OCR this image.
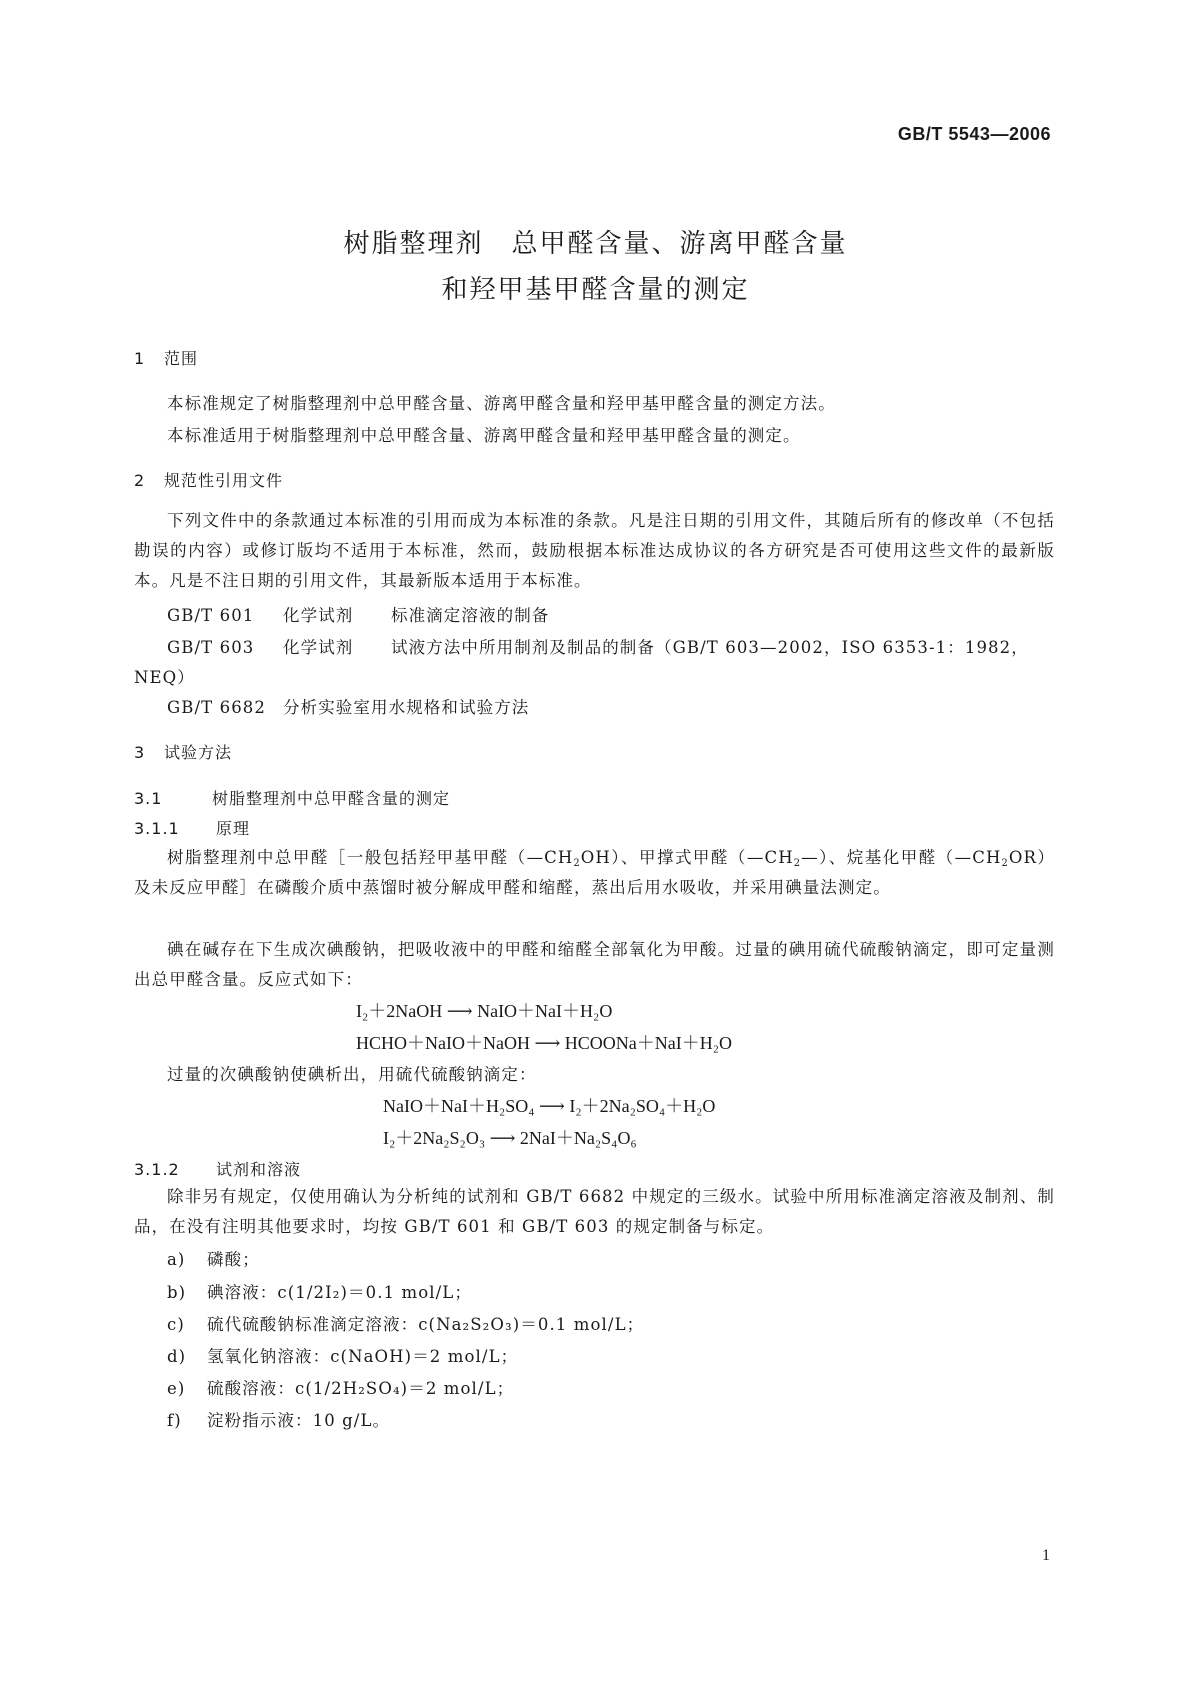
GB/T 5543—2006
树脂整理剂　总甲醛含量、游离甲醛含量
和羟甲基甲醛含量的测定
1 范围
本标准规定了树脂整理剂中总甲醛含量、游离甲醛含量和羟甲基甲醛含量的测定方法。
本标准适用于树脂整理剂中总甲醛含量、游离甲醛含量和羟甲基甲醛含量的测定。
2 规范性引用文件
下列文件中的条款通过本标准的引用而成为本标准的条款。凡是注日期的引用文件，其随后所有的修改单（不包括勘误的内容）或修订版均不适用于本标准，然而，鼓励根据本标准达成协议的各方研究是否可使用这些文件的最新版本。凡是不注日期的引用文件，其最新版本适用于本标准。
GB/T 601 化学试剂 标准滴定溶液的制备
GB/T 603 化学试剂 试液方法中所用制剂及制品的制备（GB/T 603—2002，ISO 6353-1：1982，
NEQ）
GB/T 6682 分析实验室用水规格和试验方法
3 试验方法
3.1	树脂整理剂中总甲醛含量的测定
3.1.1 原理
树脂整理剂中总甲醛［一般包括羟甲基甲醛$(—CH_2OH)$、甲撑式甲醛$(—CH_2—)$、烷基化甲醛$(—CH_2OR)$及未反应甲醛］在磷酸介质中蒸馏时被分解成甲醛和缩醛，蒸出后用水吸收，并采用碘量法测定。
碘在碱存在下生成次碘酸钠，把吸收液中的甲醛和缩醛全部氧化为甲酸。过量的碘用硫代硫酸钠滴定，即可定量测出总甲醛含量。反应式如下：
I₂＋2NaOH ⟶ NaIO＋NaI＋H₂O
HCHO＋NaIO＋NaOH ⟶ HCOONa＋NaI＋H₂O
过量的次碘酸钠使碘析出，用硫代硫酸钠滴定：
NaIO＋NaI＋H₂SO₄ ⟶ I₂＋2Na₂SO₄＋H₂O
I₂＋2Na₂S₂O₃ ⟶ 2NaI＋Na₂S₄O₆
3.1.2 试剂和溶液
除非另有规定，仅使用确认为分析纯的试剂和 GB/T 6682 中规定的三级水。试验中所用标准滴定溶液及制剂、制品，在没有注明其他要求时，均按 GB/T 601 和 GB/T 603 的规定制备与标定。
a) 磷酸；
b) 碘溶液：c(1/2I₂)＝0.1 mol/L；
c) 硫代硫酸钠标准滴定溶液：c(Na₂S₂O₃)＝0.1 mol/L；
d) 氢氧化钠溶液：c(NaOH)＝2 mol/L；
e) 硫酸溶液：c(1/2H₂SO₄)＝2 mol/L；
f) 淀粉指示液：10 g/L。
1
